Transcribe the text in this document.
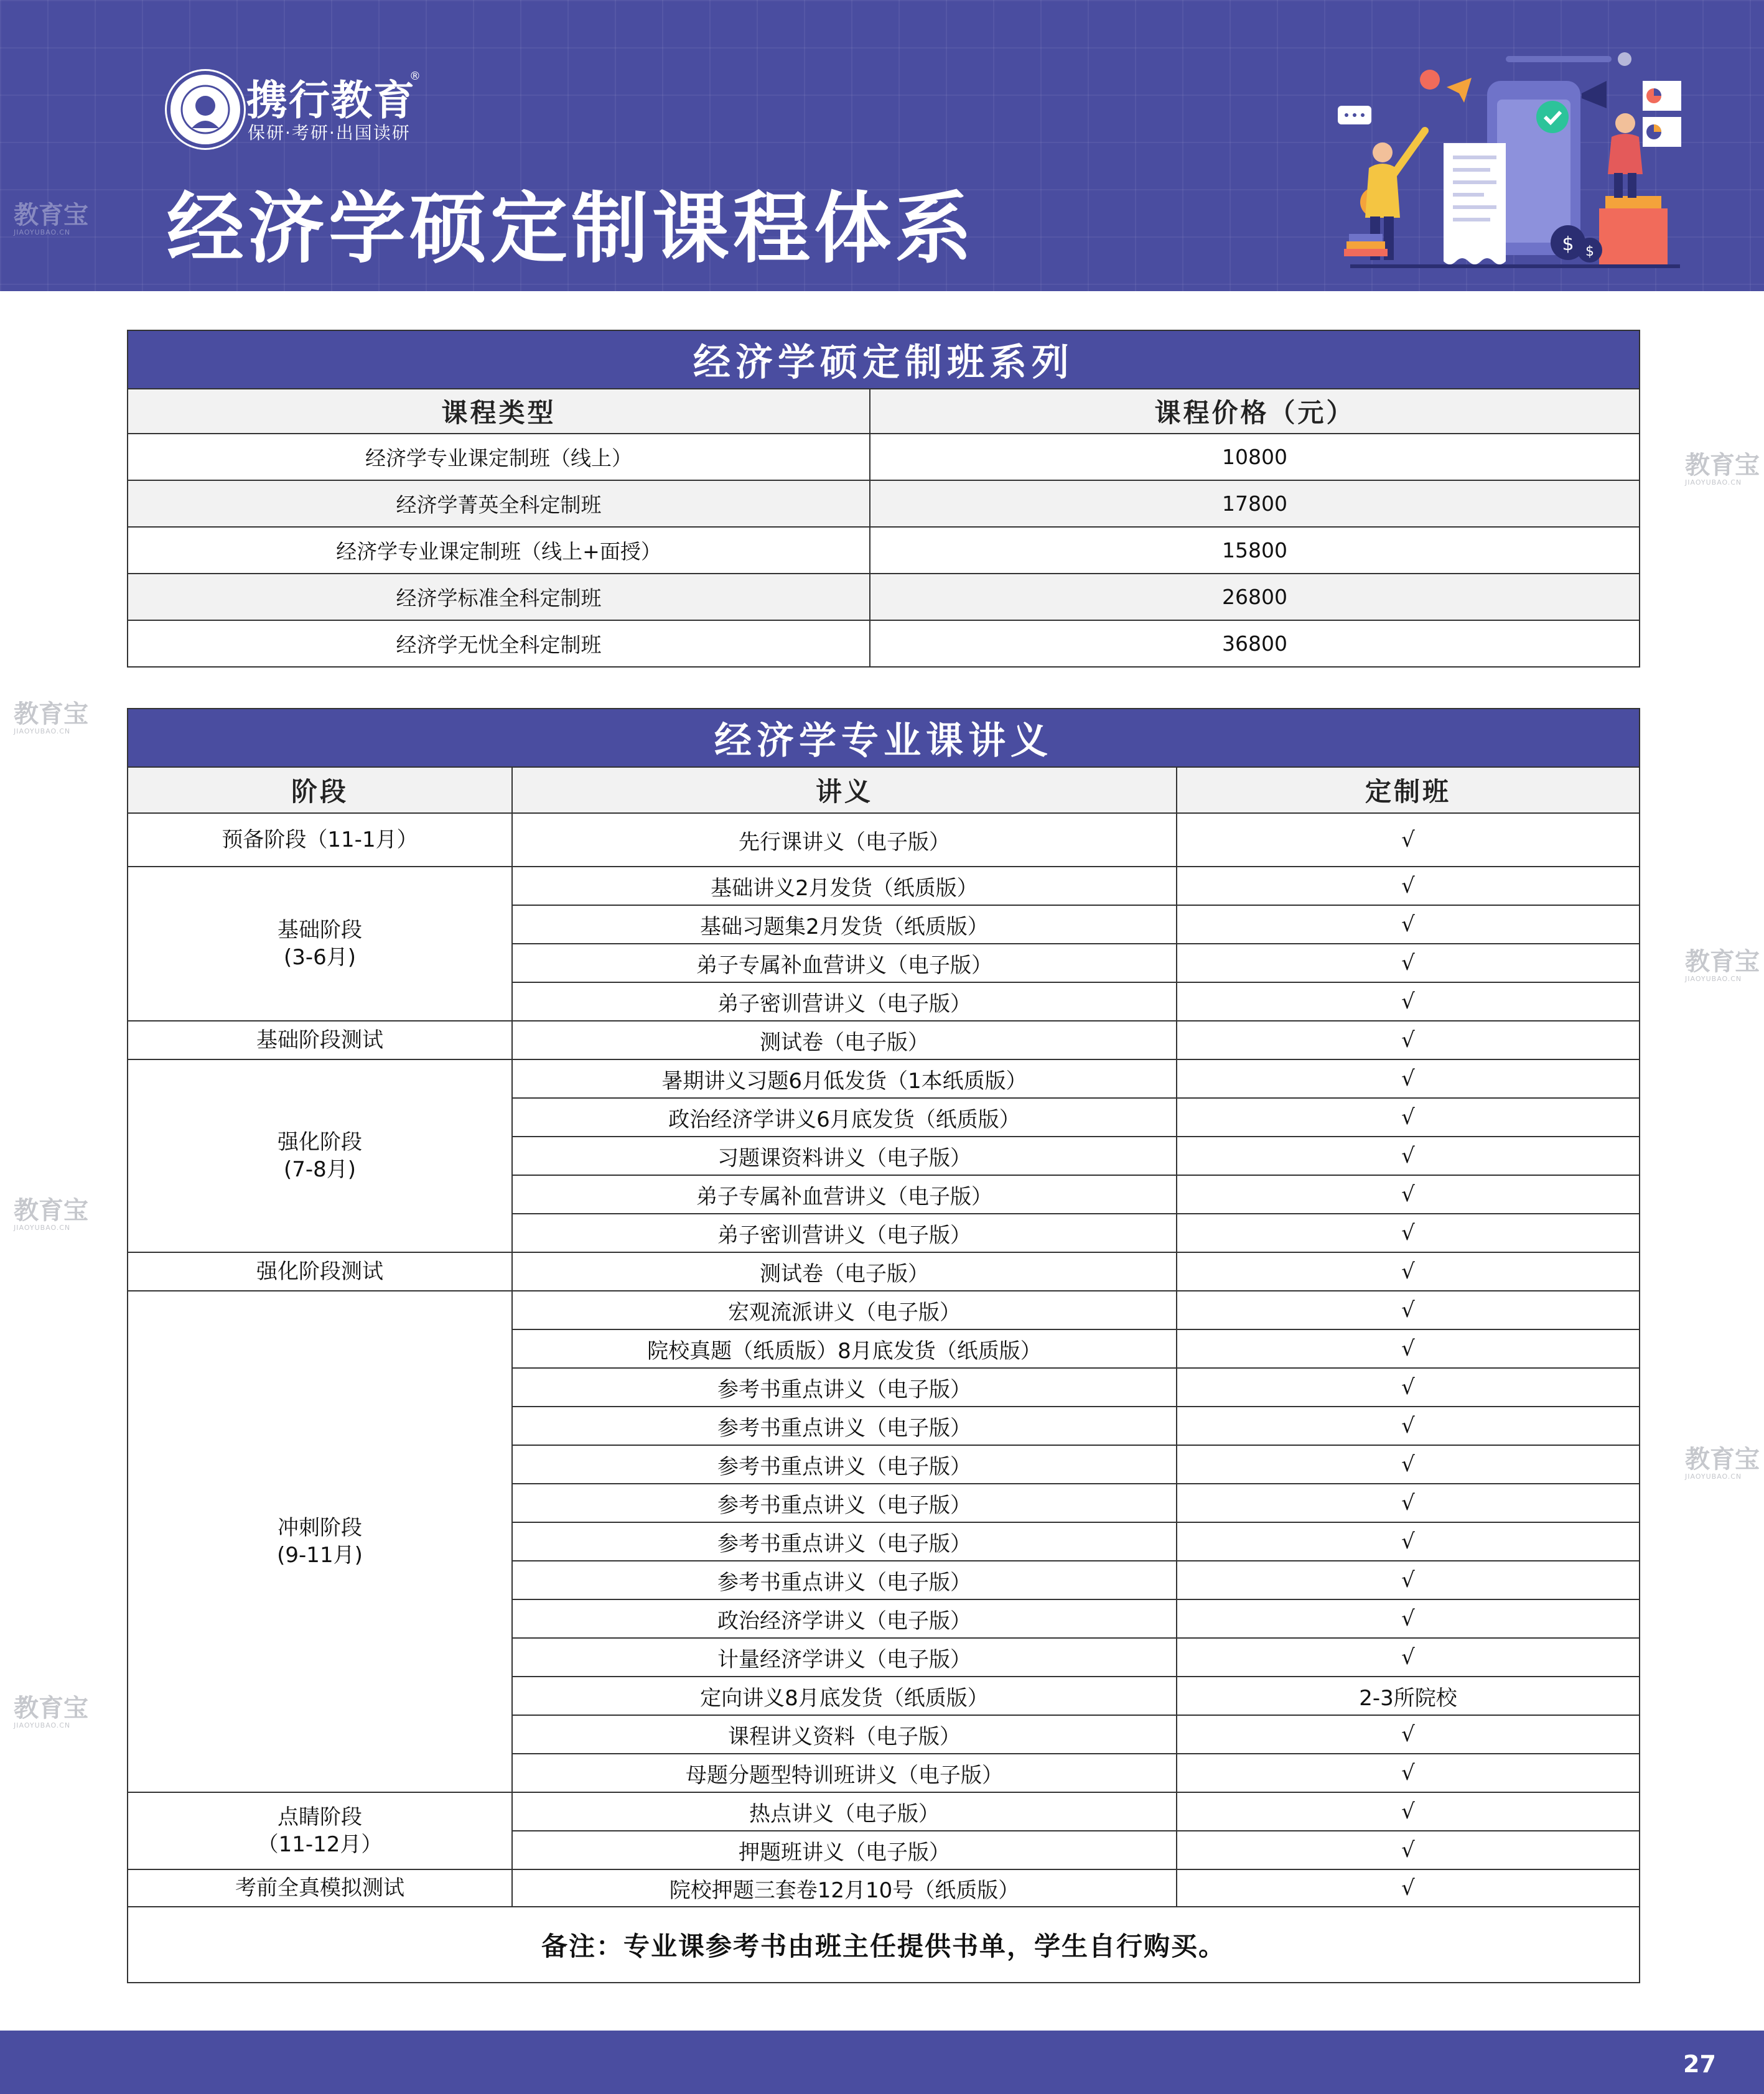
携行教育
®
保研·考研·出国读研
经济学硕定制课程体系	$ $
教育宝
JIAOYUBAO.CN
教育宝
JIAOYUBAO.CN
教育宝
JIAOYUBAO.CN
教育宝
JIAOYUBAO.CN
教育宝
JIAOYUBAO.CN
教育宝
JIAOYUBAO.CN
教育宝
JIAOYUBAO.CN
经济学硕定制班系列	
课程类型	课程价格（元）
经济学专业课定制班（线上）	10800
经济学菁英全科定制班	17800
经济学专业课定制班（线上+面授）	15800
经济学标准全科定制班	26800
经济学无忧全科定制班	36800
经济学专业课讲义		
阶段	讲义	定制班

预备阶段（11-1月）	先行课讲义（电子版）	√

基础阶段
(3-6月)	基础讲义2月发货（纸质版）	√
	基础习题集2月发货（纸质版）	√
	弟子专属补血营讲义（电子版）	√
	弟子密训营讲义（电子版）	√

基础阶段测试	测试卷（电子版）	√

强化阶段
(7-8月)	暑期讲义习题6月低发货（1本纸质版）	√
	政治经济学讲义6月底发货（纸质版）	√
	习题课资料讲义（电子版）	√
	弟子专属补血营讲义（电子版）	√
	弟子密训营讲义（电子版）	√

强化阶段测试	测试卷（电子版）	√

冲刺阶段
(9-11月)	宏观流派讲义（电子版）	√
	院校真题（纸质版）8月底发货（纸质版）	√
	参考书重点讲义（电子版）	√
	参考书重点讲义（电子版）	√
	参考书重点讲义（电子版）	√
	参考书重点讲义（电子版）	√
	参考书重点讲义（电子版）	√
	参考书重点讲义（电子版）	√
	政治经济学讲义（电子版）	√
	计量经济学讲义（电子版）	√
	定向讲义8月底发货（纸质版）	2-3所院校
	课程讲义资料（电子版）	√
	母题分题型特训班讲义（电子版）	√

点睛阶段
（11-12月）	热点讲义（电子版）	√
	押题班讲义（电子版）	√

考前全真模拟测试	院校押题三套卷12月10号（纸质版）	√
备注：专业课参考书由班主任提供书单，学生自行购买。		
27
